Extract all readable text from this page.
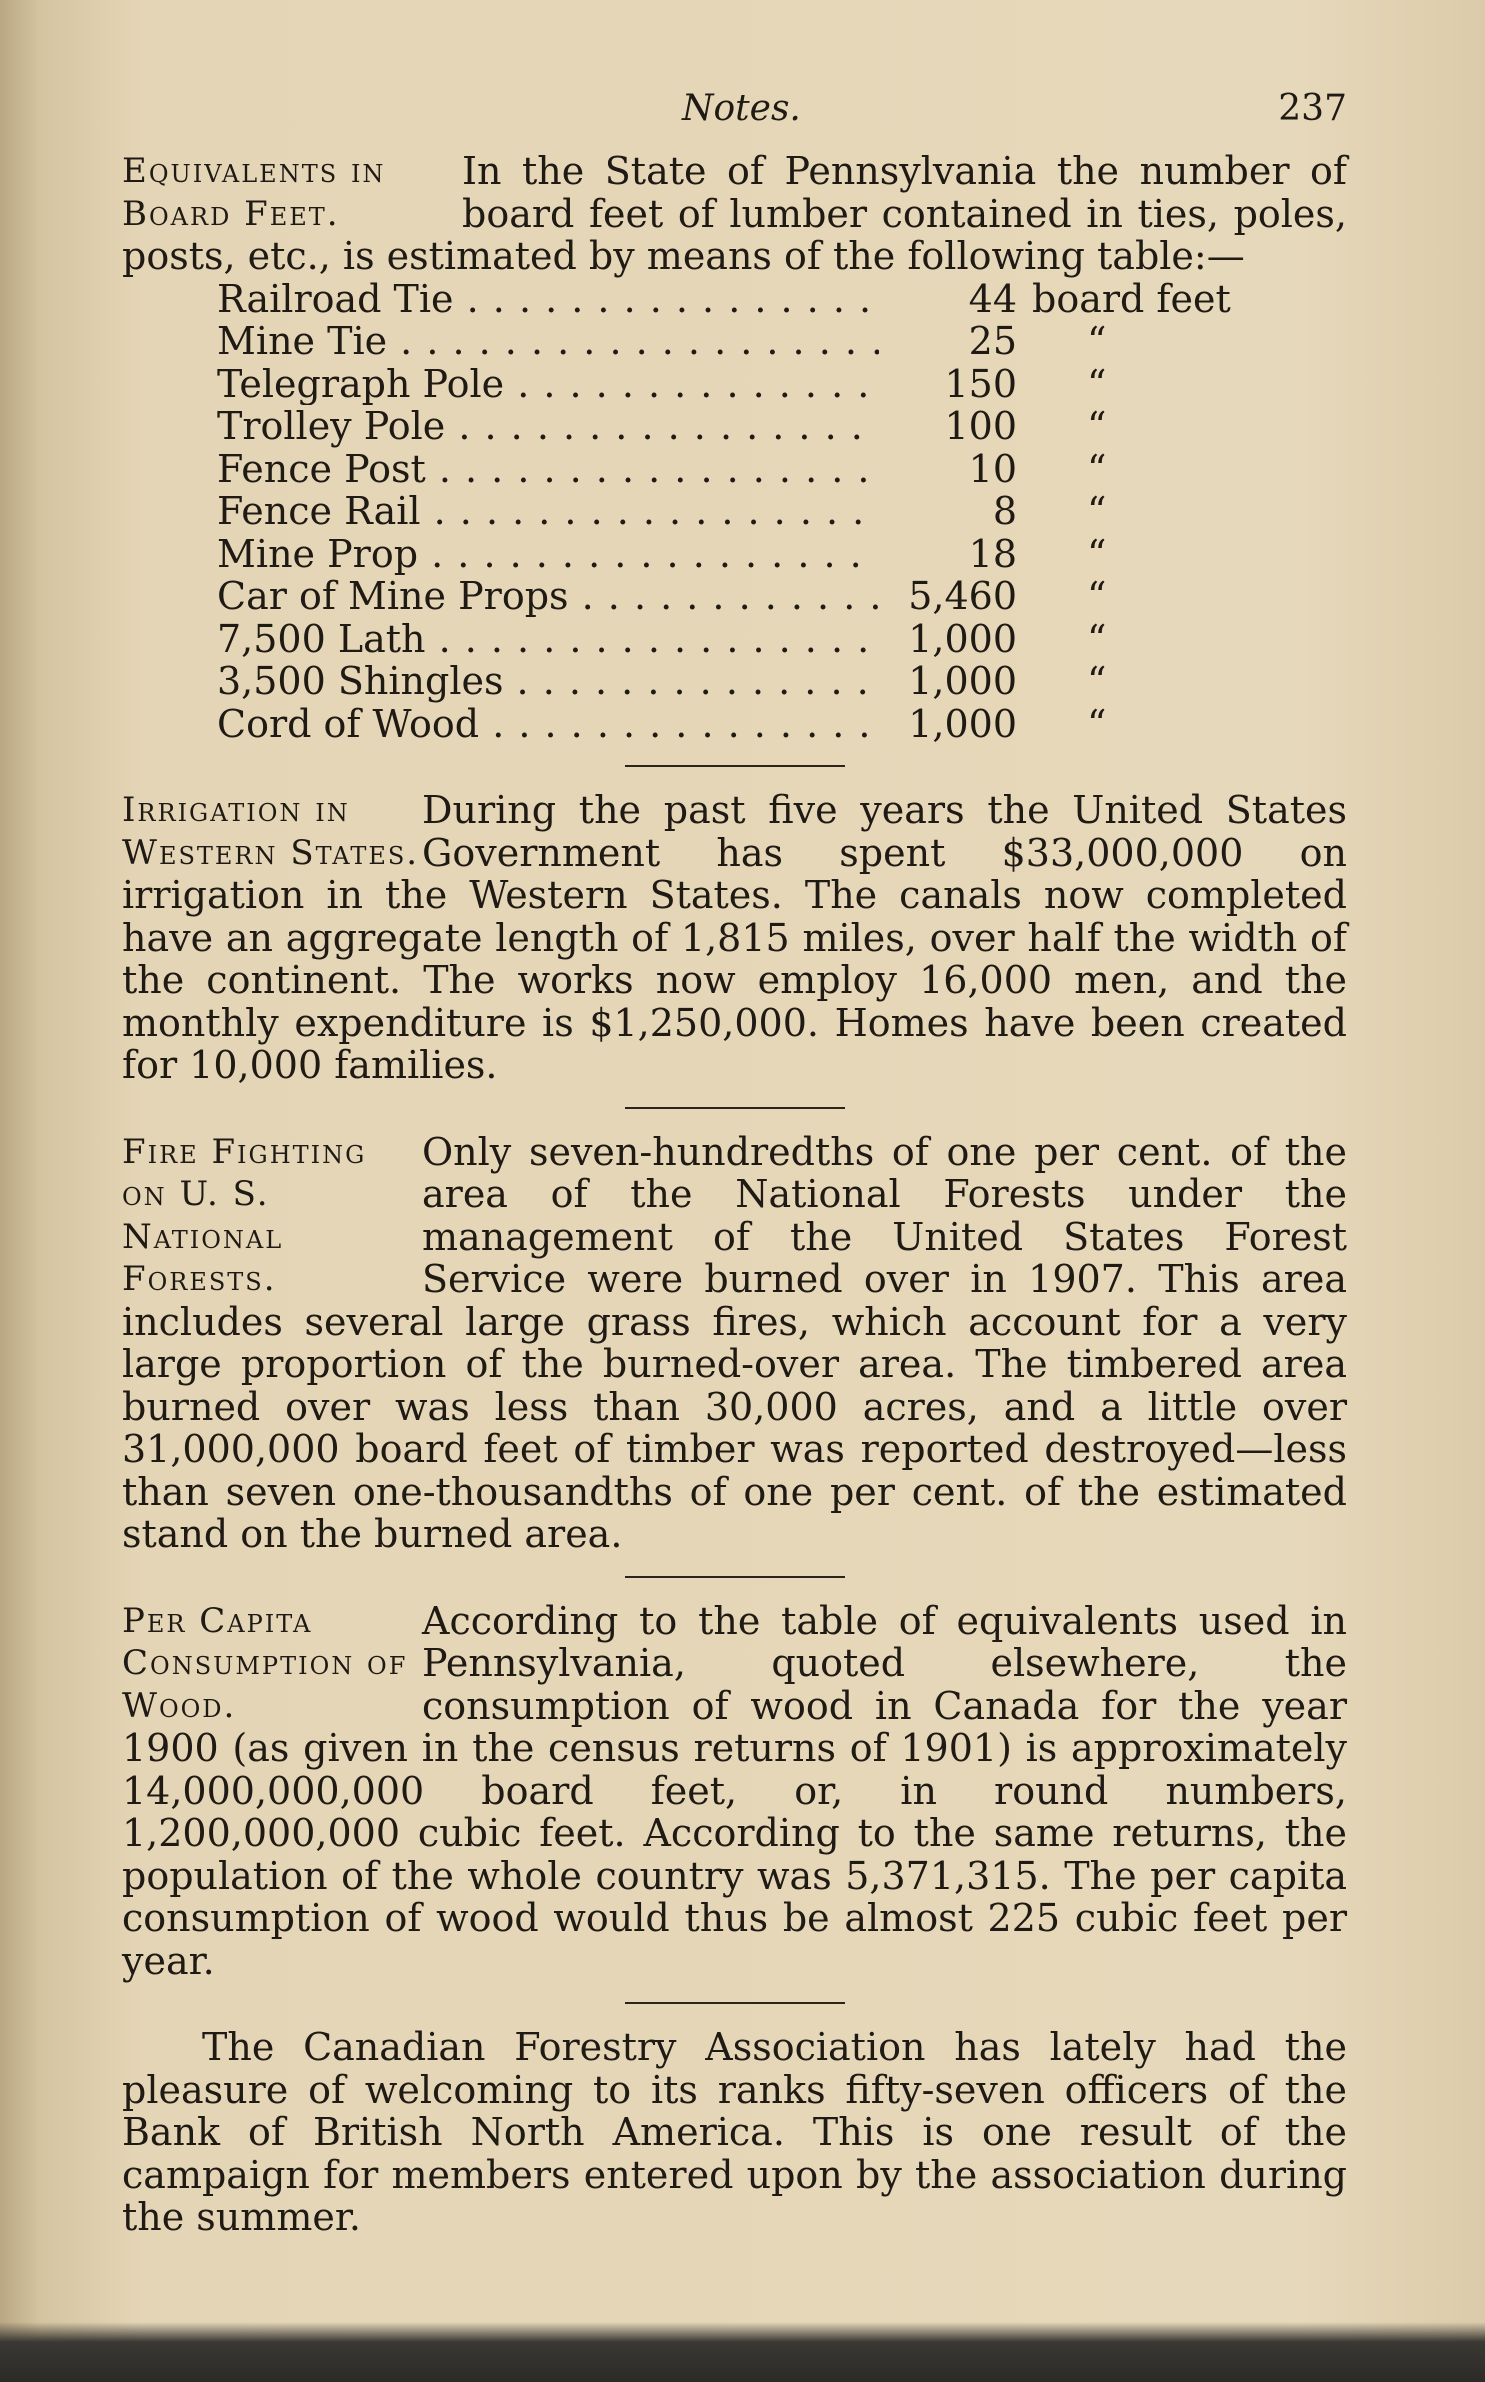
Notes.	237
Equivalents in Board Feet.
In the State of Pennsylvania the number of board feet of lumber contained in ties, poles, posts, etc., is estimated by means of the following table:—
Railroad Tie . . .	44 board feet
Mine Tie . . .	25 “
Telegraph Pole . . .	150 “
Trolley Pole . . .	100 “
Fence Post . . .	10 “
Fence Rail . . .	8 “
Mine Prop . . .	18 “
Car of Mine Props . . .	5,460 “
7,500 Lath . . .	1,000 “
3,500 Shingles . . .	1,000 “
Cord of Wood . . .	1,000 “
Irrigation in Western States.
During the past five years the United States Government has spent $33,000,000 on irrigation in the Western States. The canals now completed have an aggregate length of 1,815 miles, over half the width of the continent. The works now employ 16,000 men, and the monthly expenditure is $1,250,000. Homes have been created for 10,000 families.
Fire Fighting on U. S. National Forests.
Only seven-hundredths of one per cent. of the area of the National Forests under the management of the United States Forest Service were burned over in 1907. This area includes several large grass fires, which account for a very large proportion of the burned-over area. The timbered area burned over was less than 30,000 acres, and a little over 31,000,000 board feet of timber was reported destroyed—less than seven one-thousandths of one per cent. of the estimated stand on the burned area.
Per Capita Consumption of Wood.
According to the table of equivalents used in Pennsylvania, quoted elsewhere, the consumption of wood in Canada for the year 1900 (as given in the census returns of 1901) is approximately 14,000,000,000 board feet, or, in round numbers, 1,200,000,000 cubic feet. According to the same returns, the population of the whole country was 5,371,315. The per capita consumption of wood would thus be almost 225 cubic feet per year.
The Canadian Forestry Association has lately had the pleasure of welcoming to its ranks fifty-seven officers of the Bank of British North America. This is one result of the campaign for members entered upon by the association during the summer.
